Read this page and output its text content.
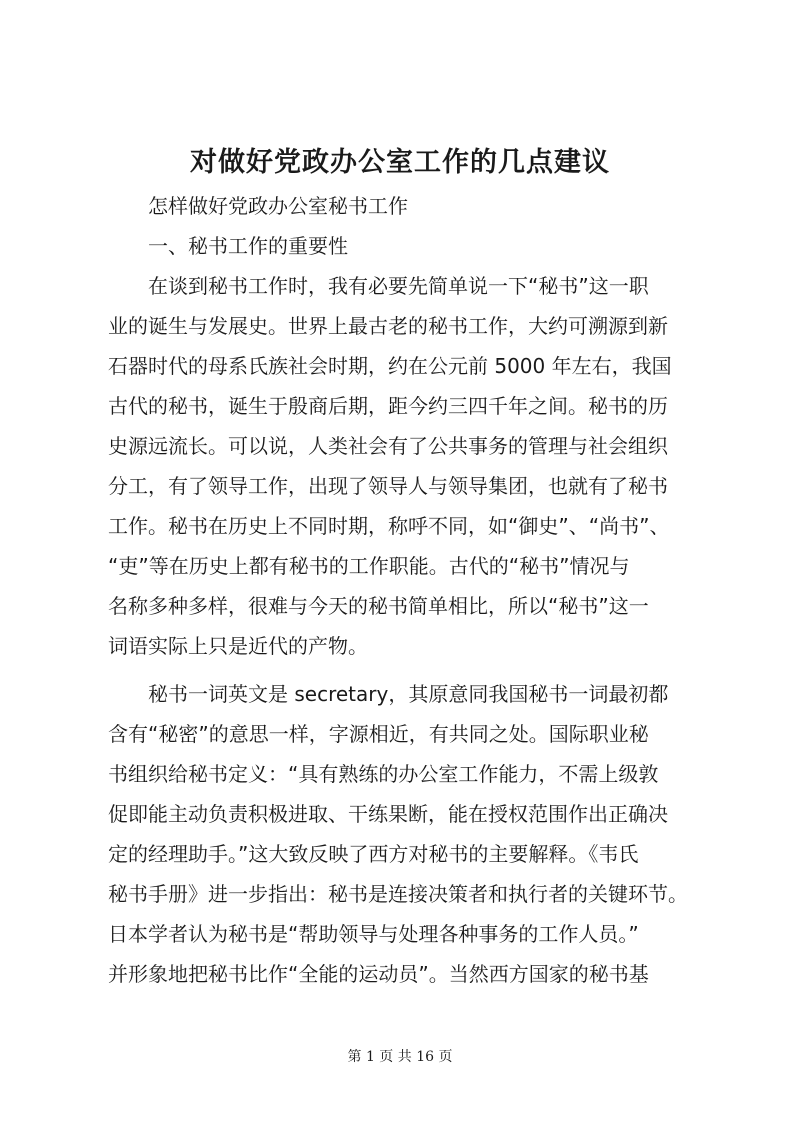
对做好党政办公室工作的几点建议

怎样做好党政办公室秘书工作

一、秘书工作的重要性

在谈到秘书工作时，我有必要先简单说一下“秘书”这一职

业的诞生与发展史。世界上最古老的秘书工作，大约可溯源到新

石器时代的母系氏族社会时期，约在公元前 5000 年左右，我国

古代的秘书，诞生于殷商后期，距今约三四千年之间。秘书的历

史源远流长。可以说，人类社会有了公共事务的管理与社会组织

分工，有了领导工作，出现了领导人与领导集团，也就有了秘书

工作。秘书在历史上不同时期，称呼不同，如“御史”、“尚书”、

“吏”等在历史上都有秘书的工作职能。古代的“秘书”情况与

名称多种多样，很难与今天的秘书简单相比，所以“秘书”这一

词语实际上只是近代的产物。

秘书一词英文是 secretary，其原意同我国秘书一词最初都

含有“秘密”的意思一样，字源相近，有共同之处。国际职业秘

书组织给秘书定义：“具有熟练的办公室工作能力，不需上级敦

促即能主动负责积极进取、干练果断，能在授权范围作出正确决

定的经理助手。”这大致反映了西方对秘书的主要解释。《韦氏

秘书手册》进一步指出：秘书是连接决策者和执行者的关键环节。

日本学者认为秘书是“帮助领导与处理各种事务的工作人员。”

并形象地把秘书比作“全能的运动员”。当然西方国家的秘书基

第 1 页 共 16 页
